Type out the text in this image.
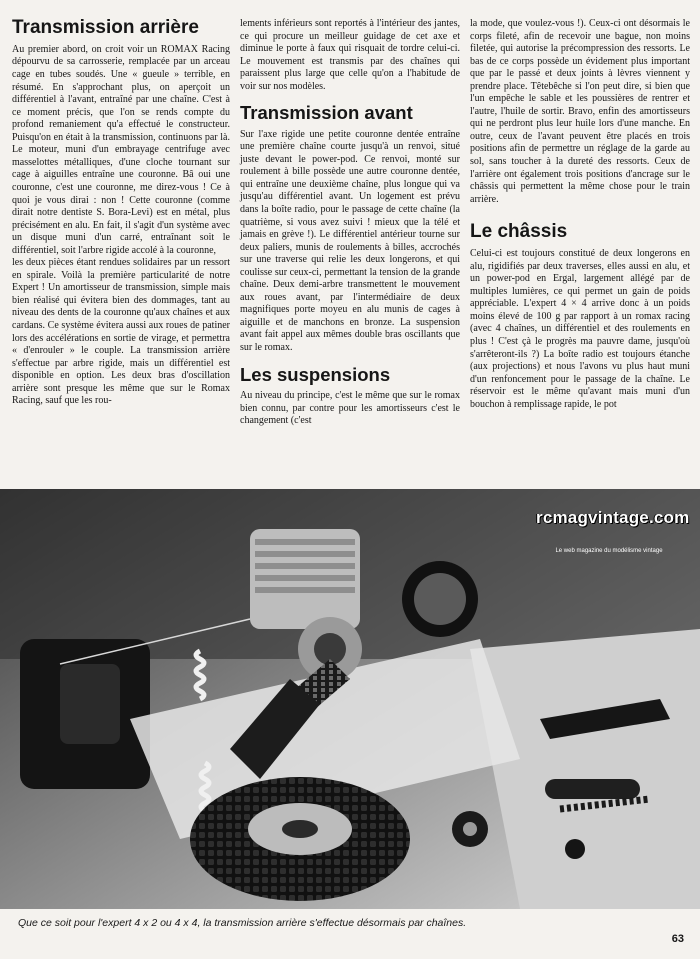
Transmission arrière

Au premier abord, on croit voir un ROMAX Racing dépourvu de sa carrosserie, remplacée par un arceau cage en tubes soudés. Une « gueule » terrible, en résumé. En s'approchant plus, on aperçoit un différentiel à l'avant, entraîné par une chaîne. C'est à ce moment précis, que l'on se rends compte du profond remaniement qu'a effectué le constructeur. Puisqu'on en était à la transmission, continuons par là. Le moteur, muni d'un embrayage centrifuge avec masselottes métalliques, d'une cloche tournant sur cage à aiguilles entraîne une couronne. Bâ oui une couronne, c'est une couronne, me direz-vous ! Ce à quoi je vous dirai : non ! Cette couronne (comme dirait notre dentiste S. Bora-Levi) est en métal, plus précisément en alu. En fait, il s'agit d'un système avec un disque muni d'un carré, entraînant soit le différentiel, soit l'arbre rigide accolé à la couronne,

les deux pièces étant rendues solidaires par un ressort en spirale. Voilà la première particularité de notre Expert ! Un amortisseur de transmission, simple mais bien réalisé qui évitera bien des dommages, tant au niveau des dents de la couronne qu'aux chaînes et aux cardans. Ce système évitera aussi aux roues de patiner lors des accélérations en sortie de virage, et permettra « d'enrouler » le couple. La transmission arrière s'effectue par arbre rigide, mais un différentiel est disponible en option. Les deux bras d'oscillation arrière sont presque les même que sur le Romax Racing, sauf que les rou-

lements inférieurs sont reportés à l'intérieur des jantes, ce qui procure un meilleur guidage de cet axe et diminue le porte à faux qui risquait de tordre celui-ci. Le mouvement est transmis par des chaînes qui paraissent plus large que celle qu'on a l'habitude de voir sur nos modèles.

Transmission avant

Sur l'axe rigide une petite couronne dentée entraîne une première chaîne courte jusqu'à un renvoi, situé juste devant le power-pod. Ce renvoi, monté sur roulement à bille possède une autre couronne dentée, qui entraîne une deuxième chaîne, plus longue qui va jusqu'au différentiel avant. Un logement est prévu dans la boîte radio, pour le passage de cette chaîne (la quatrième, si vous avez suivi ! mieux que la télé et jamais en grève !). Le différentiel antérieur tourne sur deux paliers, munis de roulements à billes, accrochés sur une traverse qui relie les deux longerons, et qui coulisse sur ceux-ci, permettant la tension de la grande chaîne. Deux demi-arbre transmettent le mouvement aux roues avant, par l'intermédiaire de deux magnifiques porte moyeu en alu munis de cages à aiguille et de manchons en bronze. La suspension avant fait appel aux mêmes double bras oscillants que sur le romax.

Les suspensions

Au niveau du principe, c'est le même que sur le romax bien connu, par contre pour les amortisseurs c'est le changement (c'est

la mode, que voulez-vous !). Ceux-ci ont désormais le corps fileté, afin de recevoir une bague, non moins filetée, qui autorise la précompression des ressorts. Le bas de ce corps possède un évidement plus important que par le passé et deux joints à lèvres viennent y prendre place. Têtebêche si l'on peut dire, si bien que l'un empêche le sable et les poussières de rentrer et l'autre, l'huile de sortir. Bravo, enfin des amortisseurs qui ne perdront plus leur huile lors d'une manche. En outre, ceux de l'avant peuvent être placés en trois positions afin de permettre un réglage de la garde au sol, sans toucher à la dureté des ressorts. Ceux de l'arrière ont également trois positions d'ancrage sur le châssis qui permettent la même chose pour le train arrière.

Le châssis

Celui-ci est toujours constitué de deux longerons en alu, rigidifiés par deux traverses, elles aussi en alu, et un power-pod en Ergal, largement allégé par de multiples lumières, ce qui permet un gain de poids appréciable. L'expert 4 × 4 arrive donc à un poids moins élevé de 100 g par rapport à un romax racing (avec 4 chaînes, un différentiel et des roulements en plus ! C'est çà le progrès ma pauvre dame, jusqu'où s'arrêteront-ils ?) La boîte radio est toujours étanche (aux projections) et nous l'avons vu plus haut muni d'un renfoncement pour le passage de la chaîne. Le réservoir est le même qu'avant mais muni d'un bouchon à remplissage rapide, le pot

rcmagvintage.com
Le web magazine du modélisme vintage
Que ce soit pour l'expert 4 x 2 ou 4 x 4, la transmission arrière s'effectue désormais par chaînes.
63
